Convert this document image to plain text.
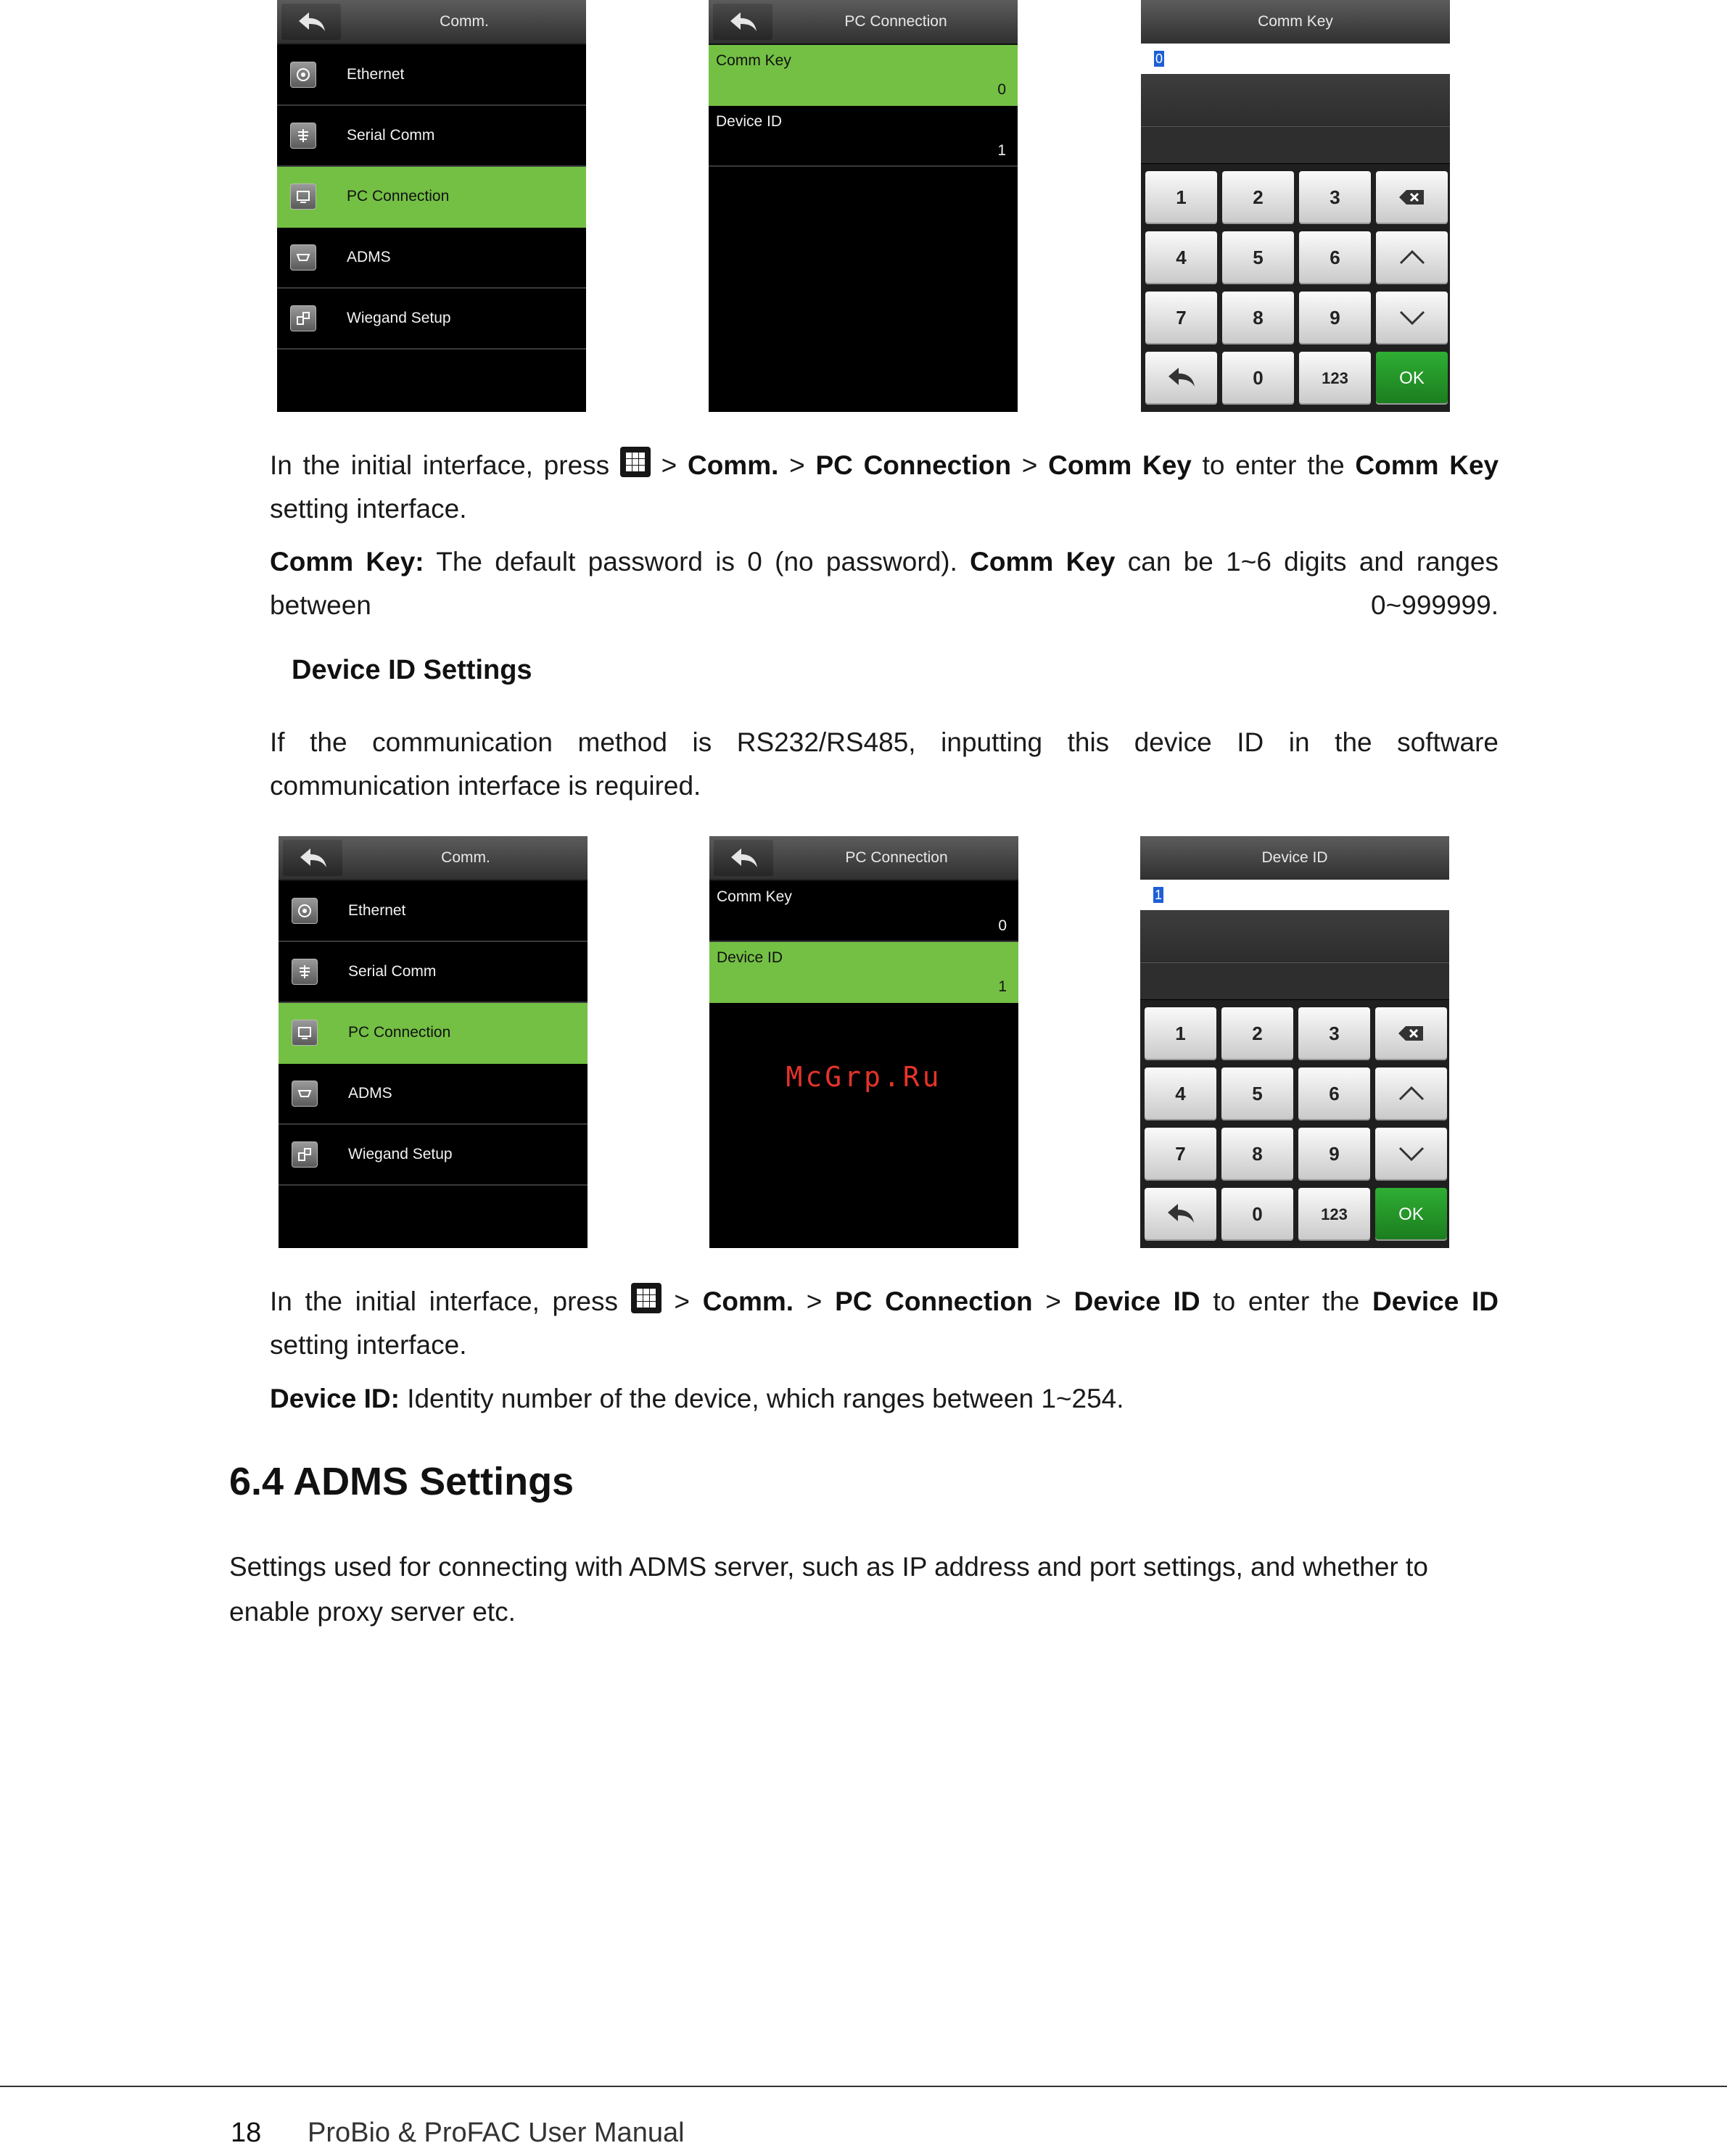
Comm.
Ethernet
Serial Comm
PC Connection
ADMS
Wiegand Setup
PC Connection
Comm Key
0
Device ID
1
Comm Key
0
1	2	3
4	5	6
7	8	9
0	123	OK
In the initial interface, press > Comm. > PC Connection > Comm Key to enter the Comm Key
setting interface.
Comm Key: The default password is 0 (no password). Comm Key can be 1~6 digits and ranges between 0~999999.
Device ID Settings
If the communication method is RS232/RS485, inputting this device ID in the software
communication interface is required.
Comm.
Ethernet
Serial Comm
PC Connection
ADMS
Wiegand Setup
PC Connection
Comm Key
0
Device ID
1
McGrp.Ru
Device ID
1
1	2	3
4	5	6
7	8	9
0	123	OK
In the initial interface, press > Comm. > PC Connection > Device ID to enter the Device ID
setting interface.
Device ID: Identity number of the device, which ranges between 1~254.
6.4 ADMS Settings
Settings used for connecting with ADMS server, such as IP address and port settings, and whether to
enable proxy server etc.
18 ProBio & ProFAC User Manual
